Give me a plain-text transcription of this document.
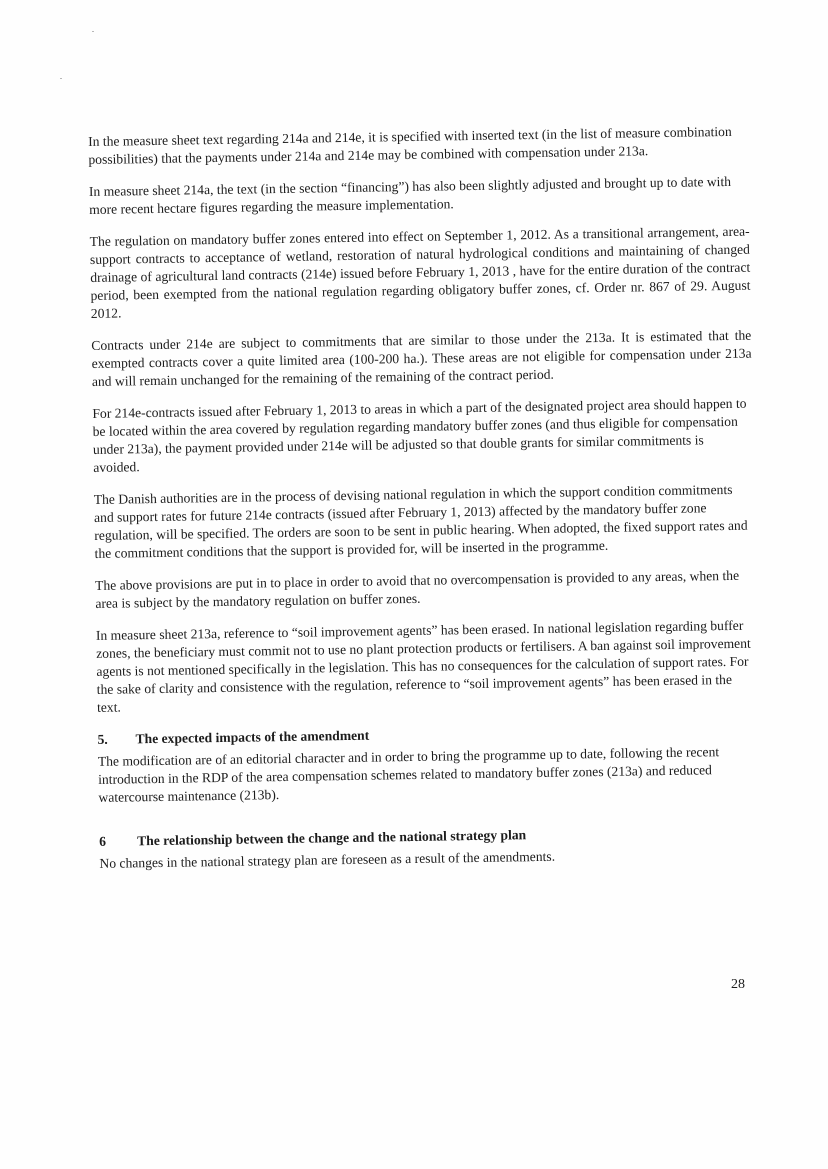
In the measure sheet text regarding 214a and 214e, it is specified with inserted text (in the list of measure combination possibilities) that the payments under 214a and 214e may be combined with compensation under 213a.

In measure sheet 214a, the text (in the section “financing”) has also been slightly adjusted and brought up to date with more recent hectare figures regarding the measure implementation.

The regulation on mandatory buffer zones entered into effect on September 1, 2012. As a transitional arrangement, area-support contracts to acceptance of wetland, restoration of natural hydrological conditions and maintaining of changed drainage of agricultural land contracts (214e) issued before February 1, 2013 , have for the entire duration of the contract period, been exempted from the national regulation regarding obligatory buffer zones, cf. Order nr. 867 of 29. August 2012.

Contracts under 214e are subject to commitments that are similar to those under the 213a. It is estimated that the exempted contracts cover a quite limited area (100-200 ha.). These areas are not eligible for compensation under 213a and will remain unchanged for the remaining of the remaining of the contract period.

For 214e-contracts issued after February 1, 2013 to areas in which a part of the designated project area should happen to be located within the area covered by regulation regarding mandatory buffer zones (and thus eligible for compensation under 213a), the payment provided under 214e will be adjusted so that double grants for similar commitments is avoided.

The Danish authorities are in the process of devising national regulation in which the support condition commitments and support rates for future 214e contracts (issued after February 1, 2013) affected by the mandatory buffer zone regulation, will be specified. The orders are soon to be sent in public hearing. When adopted, the fixed support rates and the commitment conditions that the support is provided for, will be inserted in the programme.

The above provisions are put in to place in order to avoid that no overcompensation is provided to any areas, when the area is subject by the mandatory regulation on buffer zones.

In measure sheet 213a, reference to “soil improvement agents” has been erased. In national legislation regarding buffer zones, the beneficiary must commit not to use no plant protection products or fertilisers. A ban against soil improvement agents is not mentioned specifically in the legislation. This has no consequences for the calculation of support rates. For the sake of clarity and consistence with the regulation, reference to “soil improvement agents” has been erased in the text.

5.	The expected impacts of the amendment

The modification are of an editorial character and in order to bring the programme up to date, following the recent introduction in the RDP of the area compensation schemes related to mandatory buffer zones (213a) and reduced watercourse maintenance (213b).

6	The relationship between the change and the national strategy plan

No changes in the national strategy plan are foreseen as a result of the amendments.

28
